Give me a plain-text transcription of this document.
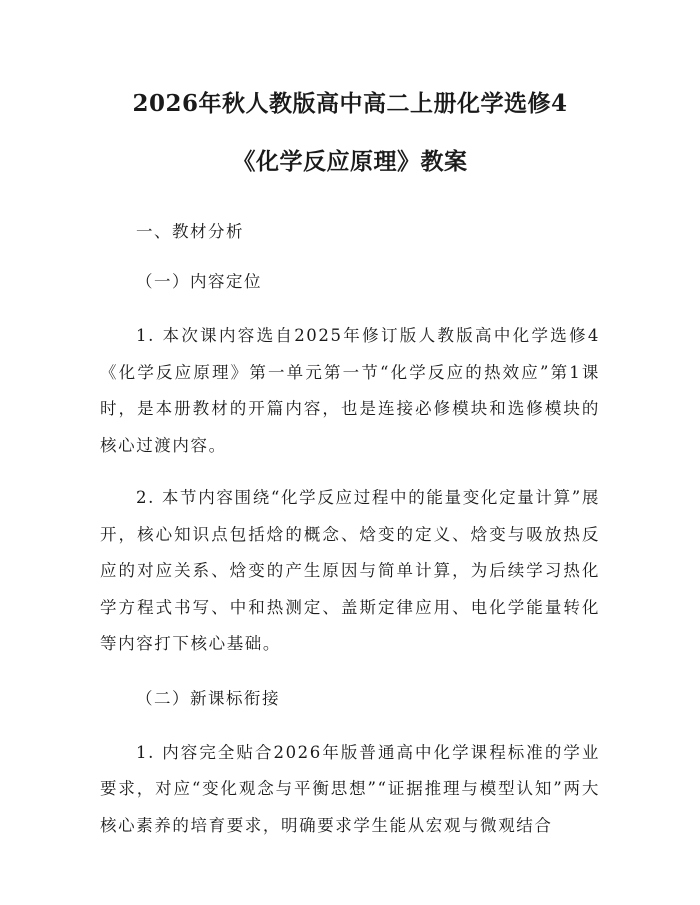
2026年秋人教版高中高二上册化学选修4
《化学反应原理》教案

一、教材分析

（一）内容定位

1. 本次课内容选自2025年修订版人教版高中化学选修4《化学反应原理》第一单元第一节“化学反应的热效应”第1课时，是本册教材的开篇内容，也是连接必修模块和选修模块的核心过渡内容。

2. 本节内容围绕“化学反应过程中的能量变化定量计算”展开，核心知识点包括焓的概念、焓变的定义、焓变与吸放热反应的对应关系、焓变的产生原因与简单计算，为后续学习热化学方程式书写、中和热测定、盖斯定律应用、电化学能量转化等内容打下核心基础。

（二）新课标衔接

1. 内容完全贴合2026年版普通高中化学课程标准的学业要求，对应“变化观念与平衡思想”“证据推理与模型认知”两大核心素养的培育要求，明确要求学生能从宏观与微观结合
